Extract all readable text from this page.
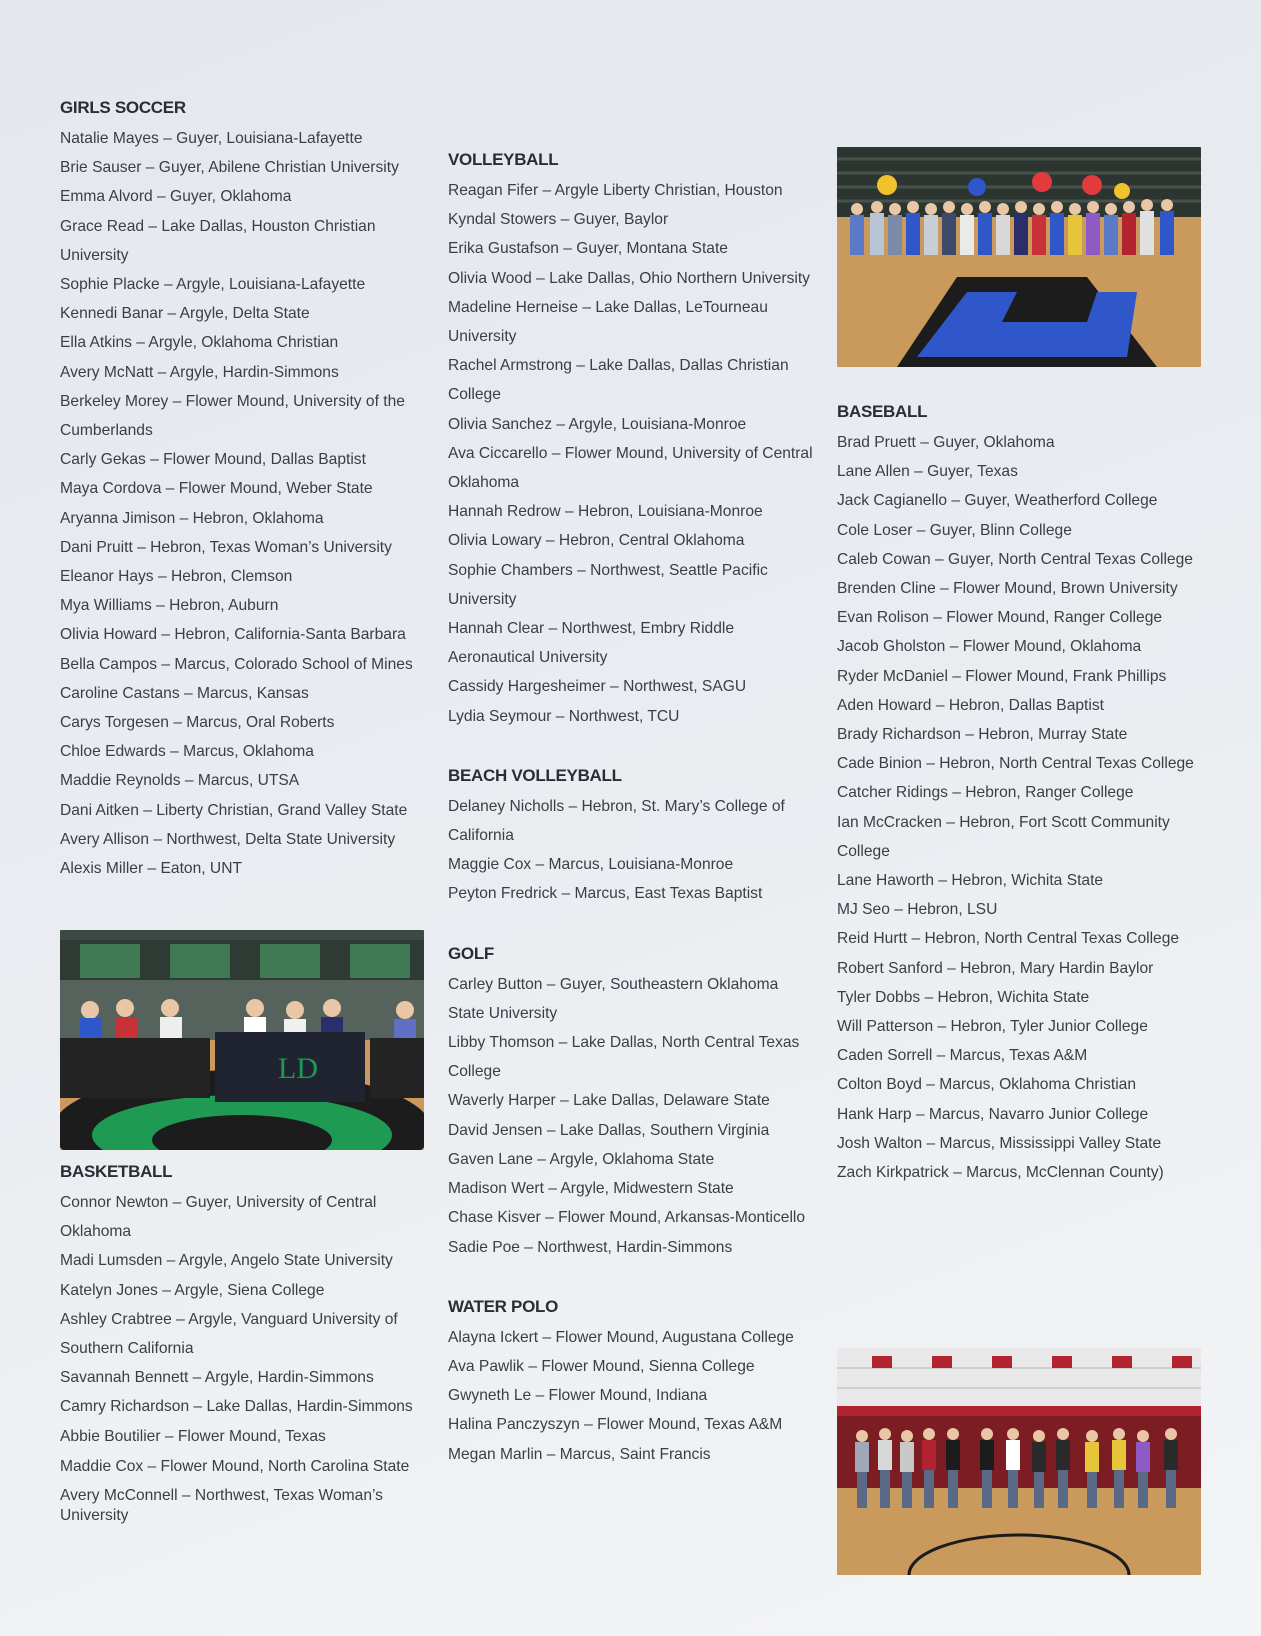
GIRLS SOCCER
Natalie Mayes – Guyer, Louisiana-Lafayette
Brie Sauser – Guyer, Abilene Christian University
Emma Alvord – Guyer, Oklahoma
Grace Read – Lake Dallas, Houston Christian University
Sophie Placke – Argyle, Louisiana-Lafayette
Kennedi Banar – Argyle, Delta State
Ella Atkins – Argyle, Oklahoma Christian
Avery McNatt – Argyle, Hardin-Simmons
Berkeley Morey – Flower Mound, University of the Cumberlands
Carly Gekas – Flower Mound, Dallas Baptist
Maya Cordova – Flower Mound, Weber State
Aryanna Jimison – Hebron, Oklahoma
Dani Pruitt – Hebron, Texas Woman’s University
Eleanor Hays – Hebron, Clemson
Mya Williams – Hebron, Auburn
Olivia Howard – Hebron, California-Santa Barbara
Bella Campos – Marcus, Colorado School of Mines
Caroline Castans – Marcus, Kansas
Carys Torgesen – Marcus, Oral Roberts
Chloe Edwards – Marcus, Oklahoma
Maddie Reynolds – Marcus, UTSA
Dani Aitken – Liberty Christian, Grand Valley State
Avery Allison – Northwest, Delta State University
Alexis Miller – Eaton, UNT
LD
BASKETBALL
Connor Newton – Guyer, University of Central Oklahoma
Madi Lumsden – Argyle, Angelo State University
Katelyn Jones – Argyle, Siena College
Ashley Crabtree – Argyle, Vanguard University of Southern California
Savannah Bennett – Argyle, Hardin-Simmons
Camry Richardson – Lake Dallas, Hardin-Simmons
Abbie Boutilier – Flower Mound, Texas
Maddie Cox – Flower Mound, North Carolina State
Avery McConnell – Northwest, Texas Woman’s University
VOLLEYBALL
Reagan Fifer – Argyle Liberty Christian, Houston
Kyndal Stowers – Guyer, Baylor
Erika Gustafson – Guyer, Montana State
Olivia Wood – Lake Dallas, Ohio Northern University
Madeline Herneise – Lake Dallas, LeTourneau University
Rachel Armstrong – Lake Dallas, Dallas Christian College
Olivia Sanchez – Argyle, Louisiana-Monroe
Ava Ciccarello – Flower Mound, University of Central Oklahoma
Hannah Redrow – Hebron, Louisiana-Monroe
Olivia Lowary – Hebron, Central Oklahoma
Sophie Chambers – Northwest, Seattle Pacific University
Hannah Clear – Northwest, Embry Riddle Aeronautical University
Cassidy Hargesheimer – Northwest, SAGU
Lydia Seymour – Northwest, TCU
BEACH VOLLEYBALL
Delaney Nicholls – Hebron, St. Mary’s College of California
Maggie Cox – Marcus, Louisiana-Monroe
Peyton Fredrick – Marcus, East Texas Baptist
GOLF
Carley Button – Guyer, Southeastern Oklahoma State University
Libby Thomson – Lake Dallas, North Central Texas College
Waverly Harper – Lake Dallas, Delaware State
David Jensen – Lake Dallas, Southern Virginia
Gaven Lane – Argyle, Oklahoma State
Madison Wert – Argyle, Midwestern State
Chase Kisver – Flower Mound, Arkansas-Monticello
Sadie Poe – Northwest, Hardin-Simmons
WATER POLO
Alayna Ickert – Flower Mound, Augustana College
Ava Pawlik – Flower Mound, Sienna College
Gwyneth Le – Flower Mound, Indiana
Halina Panczyszyn – Flower Mound, Texas A&M
Megan Marlin – Marcus, Saint Francis
BASEBALL
Brad Pruett – Guyer, Oklahoma
Lane Allen – Guyer, Texas
Jack Cagianello – Guyer, Weatherford College
Cole Loser – Guyer, Blinn College
Caleb Cowan – Guyer, North Central Texas College
Brenden Cline – Flower Mound, Brown University
Evan Rolison – Flower Mound, Ranger College
Jacob Gholston – Flower Mound, Oklahoma
Ryder McDaniel – Flower Mound, Frank Phillips
Aden Howard – Hebron, Dallas Baptist
Brady Richardson – Hebron, Murray State
Cade Binion – Hebron, North Central Texas College
Catcher Ridings – Hebron, Ranger College
Ian McCracken – Hebron, Fort Scott Community College
Lane Haworth – Hebron, Wichita State
MJ Seo – Hebron, LSU
Reid Hurtt – Hebron, North Central Texas College
Robert Sanford – Hebron, Mary Hardin Baylor
Tyler Dobbs – Hebron, Wichita State
Will Patterson – Hebron, Tyler Junior College
Caden Sorrell – Marcus, Texas A&M
Colton Boyd – Marcus, Oklahoma Christian
Hank Harp – Marcus, Navarro Junior College
Josh Walton – Marcus, Mississippi Valley State
Zach Kirkpatrick – Marcus, McClennan County)
